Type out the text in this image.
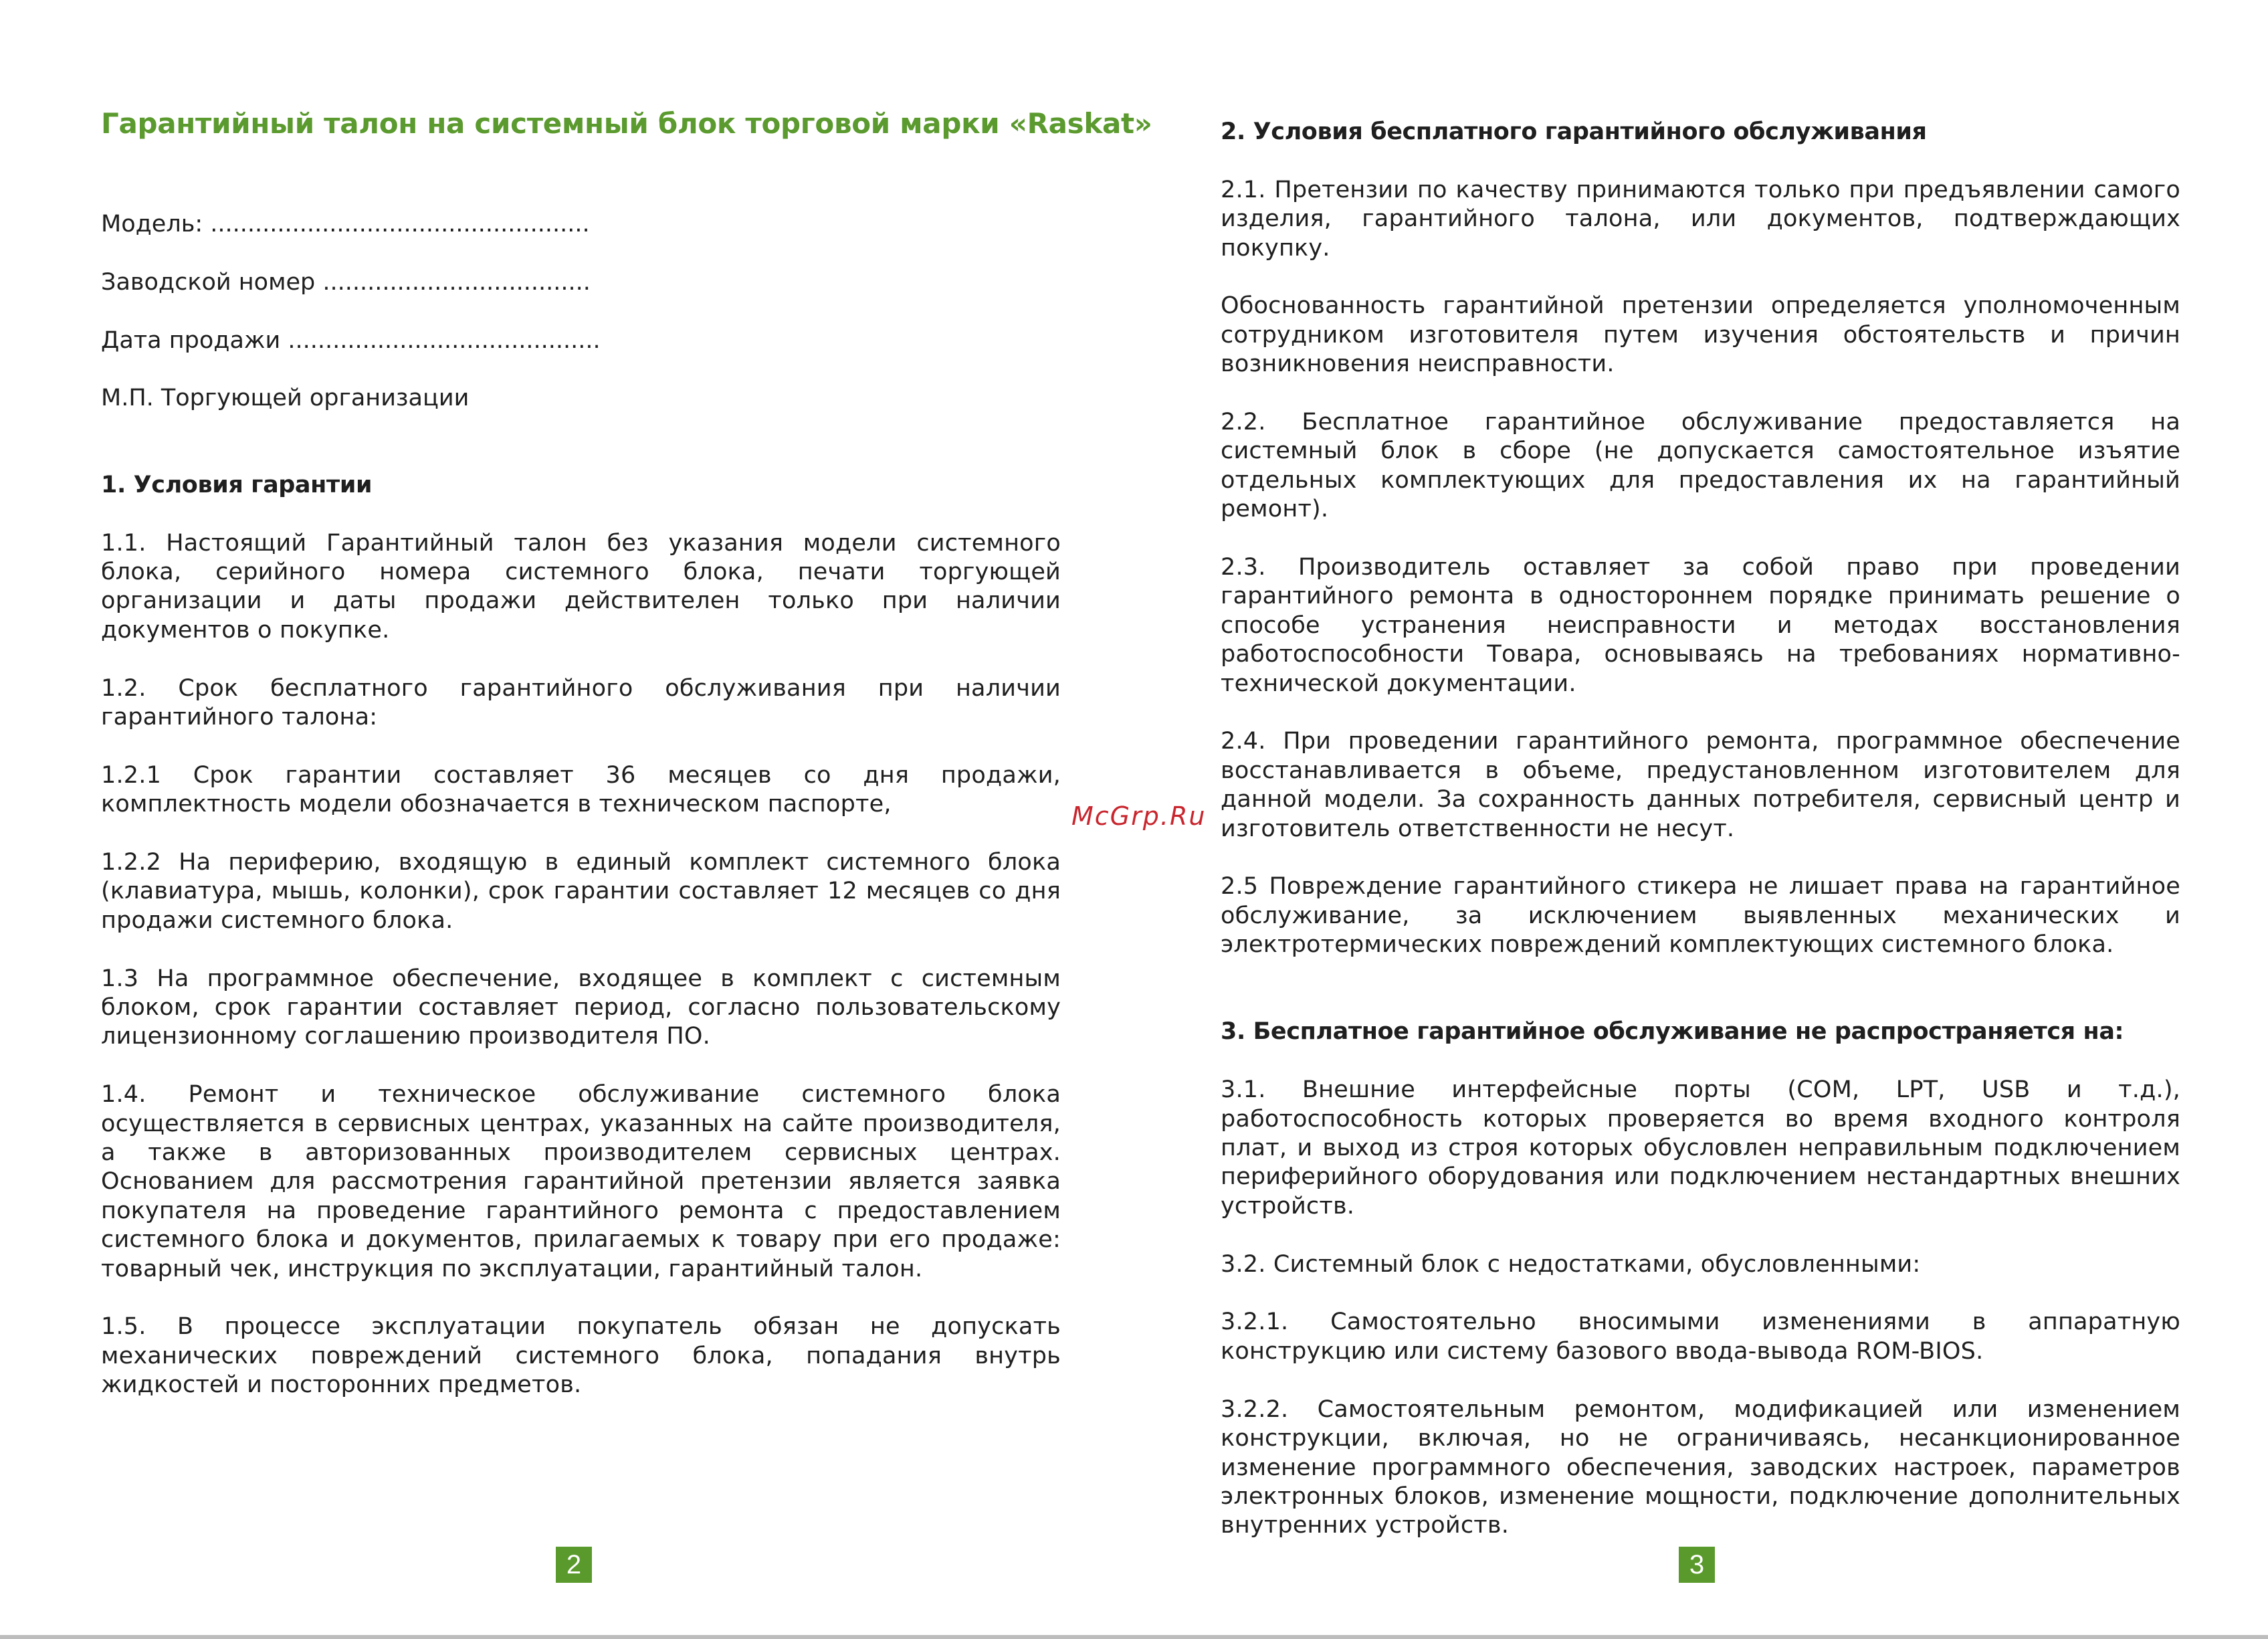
Гарантийный талон на системный блок торговой марки «Raskat»

Модель: ...................................................

Заводской номер ....................................

Дата продажи ..........................................

М.П. Торгующей организации

1. Условия гарантии

1.1. Настоящий Гарантийный талон без указания модели системного блока, серийного номера системного блока, печати торгующей организации и даты продажи действителен только при наличии документов о покупке.

1.2. Срок бесплатного гарантийного обслуживания при наличии гарантийного талона:

1.2.1 Срок гарантии составляет 36 месяцев со дня продажи, комплектность модели обозначается в техническом паспорте,

1.2.2 На периферию, входящую в единый комплект системного блока (клавиатура, мышь, колонки), срок гарантии составляет 12 месяцев со дня продажи системного блока.

1.3 На программное обеспечение, входящее в комплект с системным блоком, срок гарантии составляет период, согласно пользовательскому лицензионному соглашению производителя ПО.

1.4. Ремонт и техническое обслуживание системного блока осуществляется в сервисных центрах, указанных на сайте производителя, а также в авторизованных производителем сервисных центрах. Основанием для рассмотрения гарантийной претензии является заявка покупателя на проведение гарантийного ремонта с предоставлением системного блока и документов, прилагаемых к товару при его продаже: товарный чек, инструкция по эксплуатации, гарантийный талон.

1.5. В процессе эксплуатации покупатель обязан не допускать механических повреждений системного блока, попадания внутрь жидкостей и посторонних предметов.

2
McGrp.Ru
2. Условия бесплатного гарантийного обслуживания

2.1. Претензии по качеству принимаются только при предъявлении самого изделия, гарантийного талона, или документов, подтверждающих покупку.

Обоснованность гарантийной претензии определяется уполномоченным сотрудником изготовителя путем изучения обстоятельств и причин возникновения неисправности.

2.2. Бесплатное гарантийное обслуживание предоставляется на системный блок в сборе (не допускается самостоятельное изъятие отдельных комплектующих для предоставления их на гарантийный ремонт).

2.3. Производитель оставляет за собой право при проведении гарантийного ремонта в одностороннем порядке принимать решение о способе устранения неисправности и методах восстановления работоспособности Товара, основываясь на требованиях нормативно-технической документации.

2.4. При проведении гарантийного ремонта, программное обеспечение восстанавливается в объеме, предустановленном изготовителем для данной модели. За сохранность данных потребителя, сервисный центр и изготовитель ответственности не несут.

2.5 Повреждение гарантийного стикера не лишает права на гарантийное обслуживание, за исключением выявленных механических и электротермических повреждений комплектующих системного блока.

3. Бесплатное гарантийное обслуживание не распространяется на:

3.1. Внешние интерфейсные порты (COM, LPT, USB и т.д.), работоспособность которых проверяется во время входного контроля плат, и выход из строя которых обусловлен неправильным подключением периферийного оборудования или подключением нестандартных внешних устройств.

3.2. Системный блок с недостатками, обусловленными:

3.2.1. Самостоятельно вносимыми изменениями в аппаратную конструкцию или систему базового ввода-вывода ROM-BIOS.

3.2.2. Самостоятельным ремонтом, модификацией или изменением конструкции, включая, но не ограничиваясь, несанкционированное изменение программного обеспечения, заводских настроек, параметров электронных блоков, изменение мощности, подключение дополнительных внутренних устройств.

3
